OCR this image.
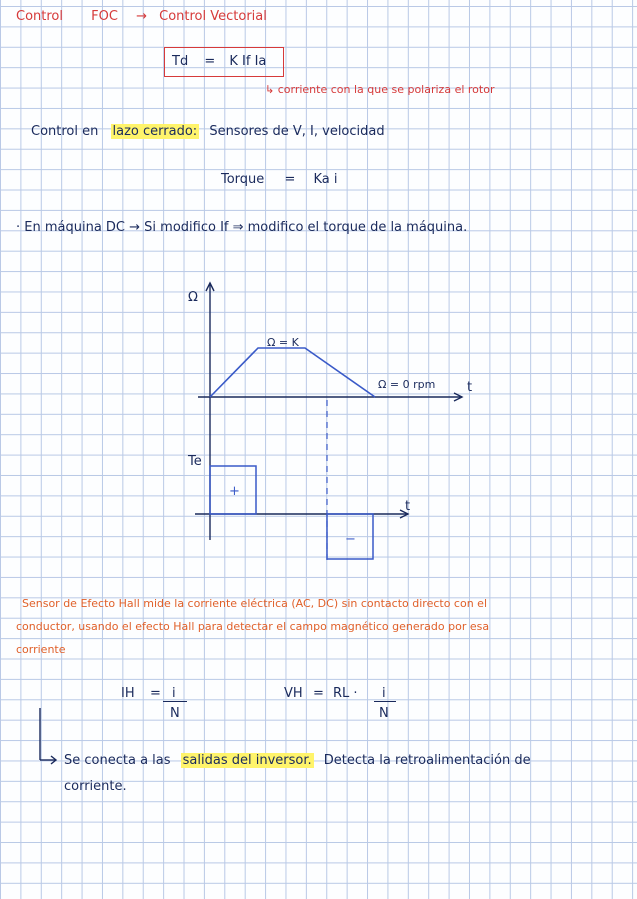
Control FOC → Control Vectorial
Td = K If Ia
↳ corriente con la que se polariza el rotor
Control en lazo cerrado: Sensores de V, I, velocidad
Torque = Ka i
· En máquina DC → Si modifico If ⇒ modifico el torque de la máquina.
Ω
Ω = K
Ω = 0 rpm t
Te
t
+
−
Sensor de Efecto Hall mide la corriente eléctrica (AC, DC) sin contacto directo con el
conductor, usando el efecto Hall para detectar el campo magnético generado por esa
corriente
IH = i
N
VH = RL · i
N
Se conecta a las salidas del inversor. Detecta la retroalimentación de
corriente.
